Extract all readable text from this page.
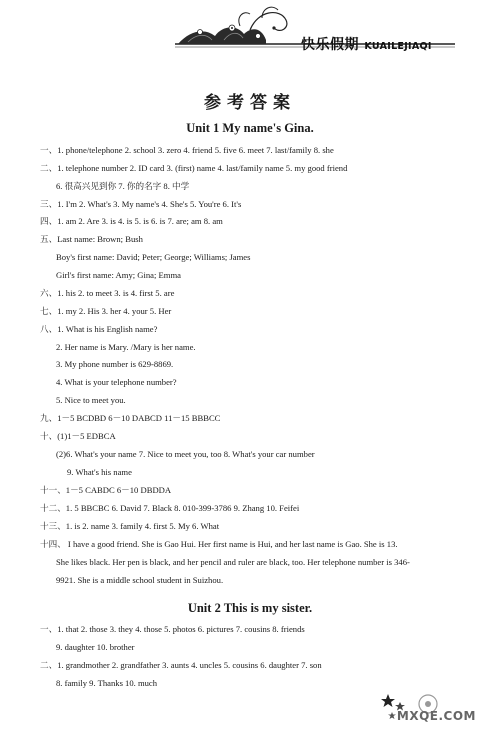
快乐假期 KUAILEJIAQI
参考答案
Unit 1 My name's Gina.
一、1. phone/telephone 2. school 3. zero 4. friend 5. five 6. meet 7. last/family 8. she
二、1. telephone number 2. ID card 3. (first) name 4. last/family name 5. my good friend
6. 很高兴见到你 7. 你的名字 8. 中学
三、1. I'm 2. What's 3. My name's 4. She's 5. You're 6. It's
四、1. am 2. Are 3. is 4. is 5. is 6. is 7. are; am 8. am
五、Last name: Brown; Bush
Boy's first name: David; Peter; George; Williams; James
Girl's first name: Amy; Gina; Emma
六、1. his 2. to meet 3. is 4. first 5. are
七、1. my 2. His 3. her 4. your 5. Her
八、1. What is his English name?
2. Her name is Mary. /Mary is her name.
3. My phone number is 629-8869.
4. What is your telephone number?
5. Nice to meet you.
九、1－5 BCDBD 6－10 DABCD 11－15 BBBCC
十、(1)1－5 EDBCA
(2)6. What's your name 7. Nice to meet you, too 8. What's your car number
9. What's his name
十一、1－5 CABDC 6－10 DBDDA
十二、1. 5 BBCBC 6. David 7. Black 8. 010-399-3786 9. Zhang 10. Feifei
十三、1. is 2. name 3. family 4. first 5. My 6. What
十四、 I have a good friend. She is Gao Hui. Her first name is Hui, and her last name is Gao. She is 13.
She likes black. Her pen is black, and her pencil and ruler are black, too. Her telephone number is 346-
9921. She is a middle school student in Suizhou.
Unit 2 This is my sister.
一、1. that 2. those 3. they 4. those 5. photos 6. pictures 7. cousins 8. friends
9. daughter 10. brother
二、1. grandmother 2. grandfather 3. aunts 4. uncles 5. cousins 6. daughter 7. son
8. family 9. Thanks 10. much
MXQE.COM
